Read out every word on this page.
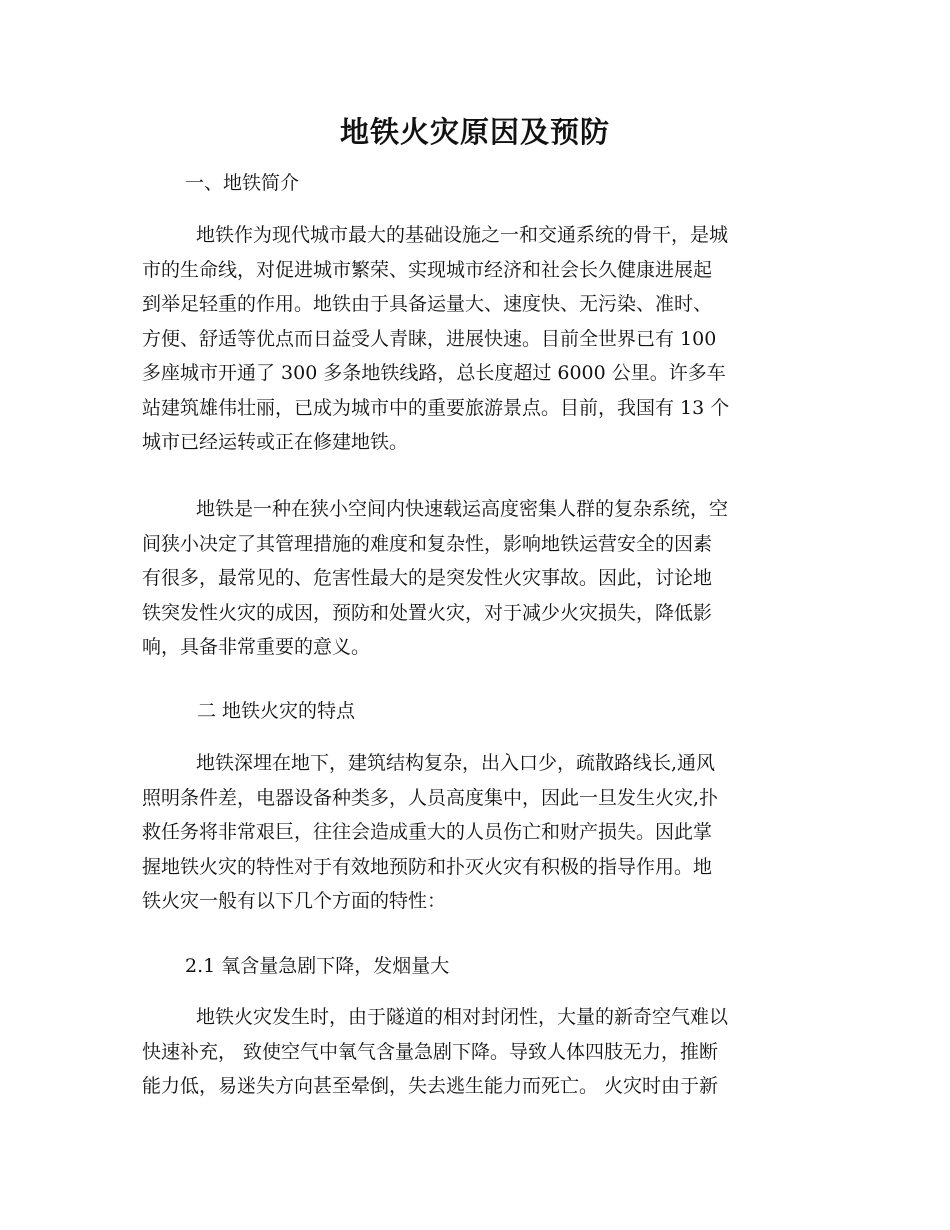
地铁火灾原因及预防
一、地铁简介
地铁作为现代城市最大的基础设施之一和交通系统的骨干，是城
市的生命线，对促进城市繁荣、实现城市经济和社会长久健康进展起
到举足轻重的作用。地铁由于具备运量大、速度快、无污染、准时、
方便、舒适等优点而日益受人青睐，进展快速。目前全世界已有 100
多座城市开通了 300 多条地铁线路，总长度超过 6000 公里。许多车
站建筑雄伟壮丽，已成为城市中的重要旅游景点。目前，我国有 13 个
城市已经运转或正在修建地铁。
地铁是一种在狭小空间内快速载运高度密集人群的复杂系统，空
间狭小决定了其管理措施的难度和复杂性，影响地铁运营安全的因素
有很多，最常见的、危害性最大的是突发性火灾事故。因此，讨论地
铁突发性火灾的成因，预防和处置火灾，对于减少火灾损失，降低影
响，具备非常重要的意义。
二 地铁火灾的特点
地铁深埋在地下，建筑结构复杂，出入口少，疏散路线长,通风
照明条件差，电器设备种类多，人员高度集中，因此一旦发生火灾,扑
救任务将非常艰巨，往往会造成重大的人员伤亡和财产损失。因此掌
握地铁火灾的特性对于有效地预防和扑灭火灾有积极的指导作用。地
铁火灾一般有以下几个方面的特性：
2.1 氧含量急剧下降，发烟量大
地铁火灾发生时，由于隧道的相对封闭性，大量的新奇空气难以
快速补充， 致使空气中氧气含量急剧下降。导致人体四肢无力，推断
能力低，易迷失方向甚至晕倒，失去逃生能力而死亡。 火灾时由于新
